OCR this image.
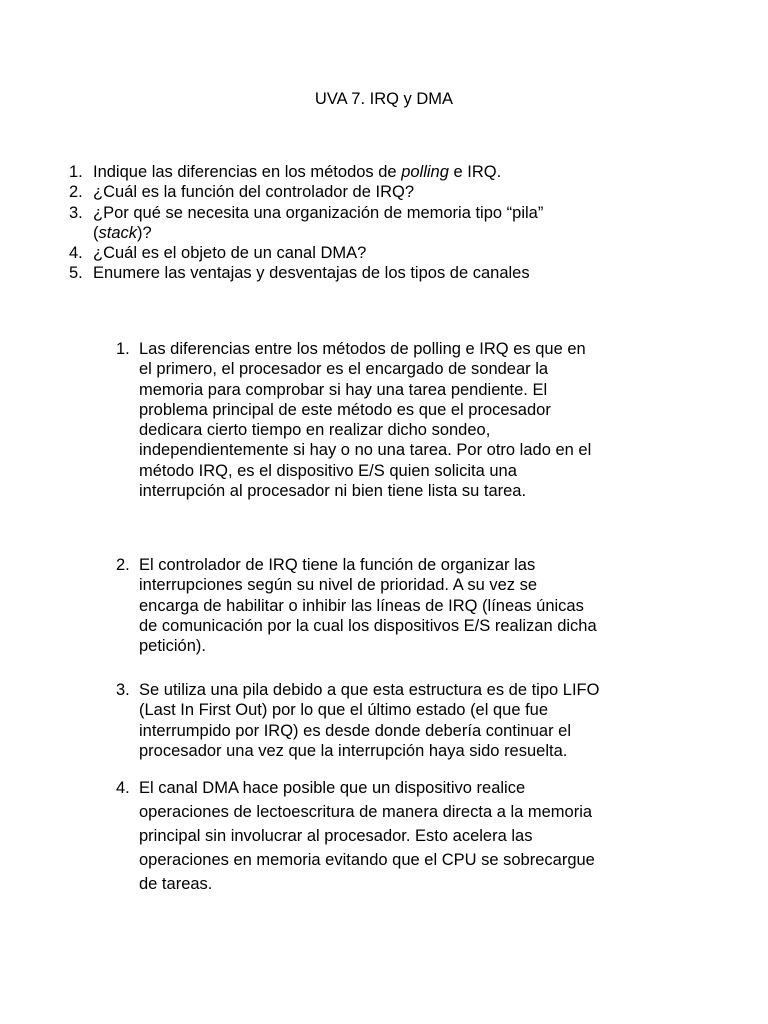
UVA 7. IRQ y DMA
1. Indique las diferencias en los métodos de polling e IRQ.
2. ¿Cuál es la función del controlador de IRQ?
3. ¿Por qué se necesita una organización de memoria tipo “pila”
(stack)?
4. ¿Cuál es el objeto de un canal DMA?
5. Enumere las ventajas y desventajas de los tipos de canales
1. Las diferencias entre los métodos de polling e IRQ es que en
el primero, el procesador es el encargado de sondear la
memoria para comprobar si hay una tarea pendiente. El
problema principal de este método es que el procesador
dedicara cierto tiempo en realizar dicho sondeo,
independientemente si hay o no una tarea. Por otro lado en el
método IRQ, es el dispositivo E/S quien solicita una
interrupción al procesador ni bien tiene lista su tarea.
2. El controlador de IRQ tiene la función de organizar las
interrupciones según su nivel de prioridad. A su vez se
encarga de habilitar o inhibir las líneas de IRQ (líneas únicas
de comunicación por la cual los dispositivos E/S realizan dicha
petición).
3. Se utiliza una pila debido a que esta estructura es de tipo LIFO
(Last In First Out) por lo que el último estado (el que fue
interrumpido por IRQ) es desde donde debería continuar el
procesador una vez que la interrupción haya sido resuelta.
4. El canal DMA hace posible que un dispositivo realice
operaciones de lectoescritura de manera directa a la memoria
principal sin involucrar al procesador. Esto acelera las
operaciones en memoria evitando que el CPU se sobrecargue
de tareas.
